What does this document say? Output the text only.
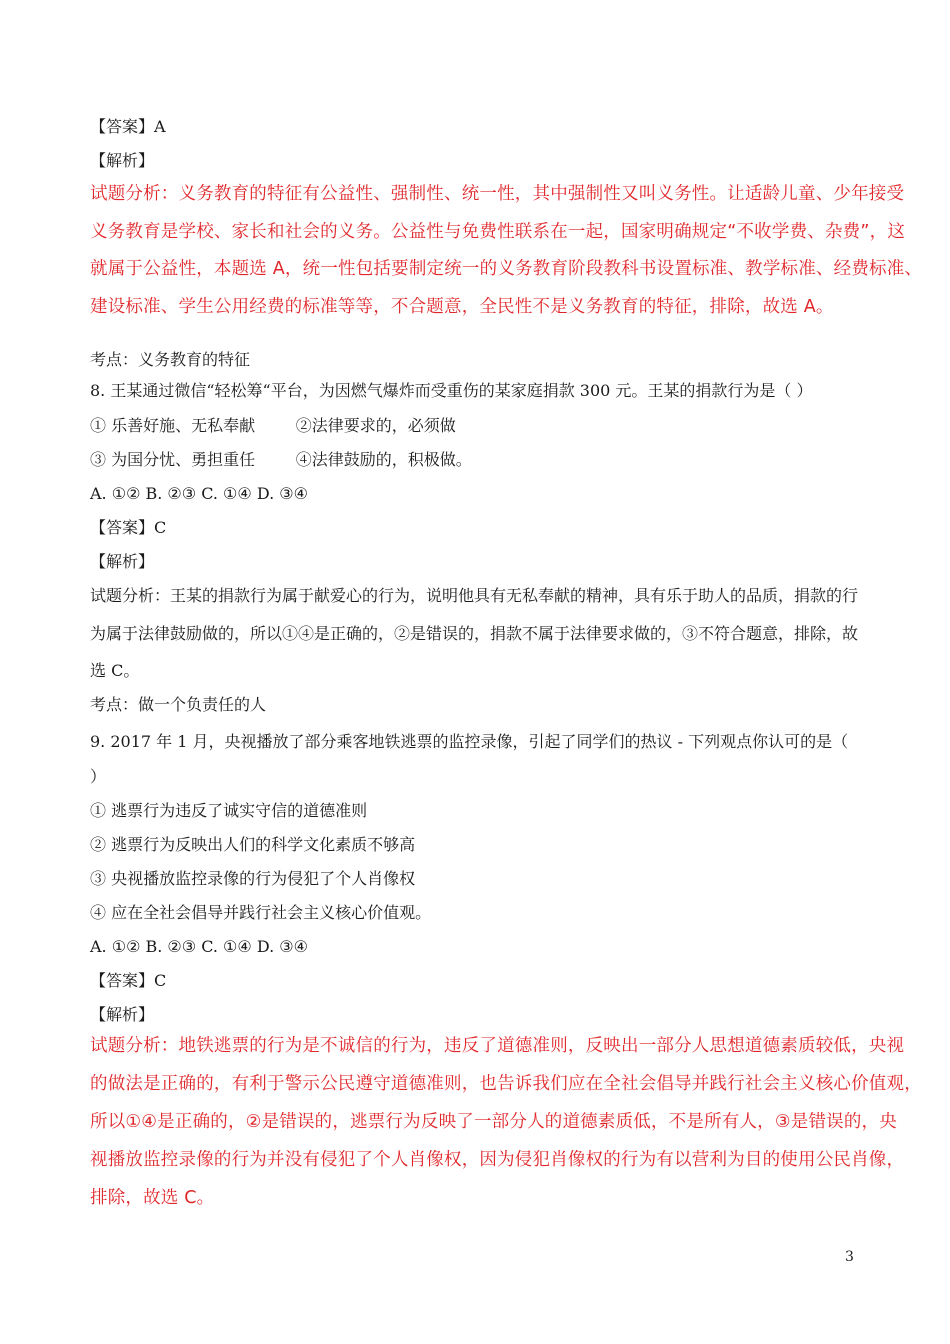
【答案】A
【解析】
试题分析：义务教育的特征有公益性、强制性、统一性，其中强制性又叫义务性。让适龄儿童、少年接受
义务教育是学校、家长和社会的义务。公益性与免费性联系在一起，国家明确规定“不收学费、杂费”，这
就属于公益性，本题选 A，统一性包括要制定统一的义务教育阶段教科书设置标准、教学标准、经费标准、
建设标准、学生公用经费的标准等等，不合题意，全民性不是义务教育的特征，排除，故选 A。
考点：义务教育的特征
8. 王某通过微信“轻松筹“平台，为因燃气爆炸而受重伤的某家庭捐款 300 元。王某的捐款行为是（ ）
① 乐善好施、无私奉献        ②法律要求的，必须做
③ 为国分忧、勇担重任        ④法律鼓励的，积极做。
A. ①② B. ②③ C. ①④ D. ③④
【答案】C
【解析】
试题分析：王某的捐款行为属于献爱心的行为，说明他具有无私奉献的精神，具有乐于助人的品质，捐款的行
为属于法律鼓励做的，所以①④是正确的，②是错误的，捐款不属于法律要求做的，③不符合题意，排除，故
选 C。
考点：做一个负责任的人
9. 2017 年 1 月，央视播放了部分乘客地铁逃票的监控录像，引起了同学们的热议 - 下列观点你认可的是（
）
① 逃票行为违反了诚实守信的道德准则
② 逃票行为反映出人们的科学文化素质不够高
③ 央视播放监控录像的行为侵犯了个人肖像权
④ 应在全社会倡导并践行社会主义核心价值观。
A. ①② B. ②③ C. ①④ D. ③④
【答案】C
【解析】
试题分析：地铁逃票的行为是不诚信的行为，违反了道德准则，反映出一部分人思想道德素质较低，央视
的做法是正确的，有利于警示公民遵守道德准则，也告诉我们应在全社会倡导并践行社会主义核心价值观，
所以①④是正确的，②是错误的，逃票行为反映了一部分人的道德素质低，不是所有人，③是错误的，央
视播放监控录像的行为并没有侵犯了个人肖像权，因为侵犯肖像权的行为有以营利为目的使用公民肖像，
排除，故选 C。
3
